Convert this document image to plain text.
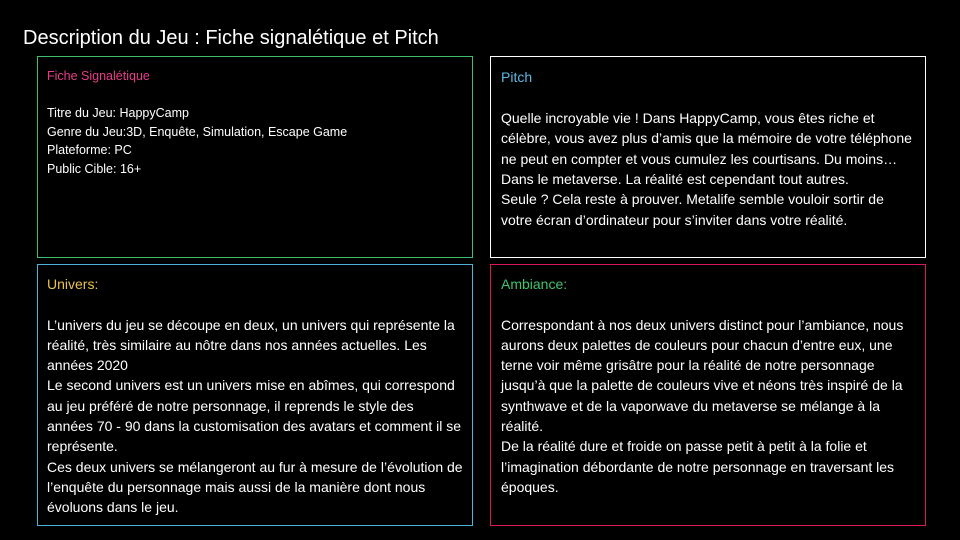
Description du Jeu : Fiche signalétique et Pitch
Fiche Signalétique

Titre du Jeu: HappyCamp

Genre du Jeu:3D, Enquête, Simulation, Escape Game

Plateforme: PC

Public Cible: 16+

Pitch

Quelle incroyable vie ! Dans HappyCamp, vous êtes riche et célèbre, vous avez plus d’amis que la mémoire de votre téléphone ne peut en compter et vous cumulez les courtisans. Du moins… Dans le metaverse. La réalité est cependant tout autres.

Seule ? Cela reste à prouver. Metalife semble vouloir sortir de votre écran d’ordinateur pour s’inviter dans votre réalité.

Univers:

L’univers du jeu se découpe en deux, un univers qui représente la réalité, très similaire au nôtre dans nos années actuelles. Les années 2020

Le second univers est un univers mise en abîmes, qui correspond au jeu préféré de notre personnage, il reprends le style des années 70 - 90 dans la customisation des avatars et comment il se représente.

Ces deux univers se mélangeront au fur à mesure de l’évolution de l’enquête du personnage mais aussi de la manière dont nous évoluons dans le jeu.

Ambiance:

Correspondant à nos deux univers distinct pour l’ambiance, nous aurons deux palettes de couleurs pour chacun d’entre eux, une terne voir même grisâtre pour la réalité de notre personnage jusqu’à que la palette de couleurs vive et néons très inspiré de la synthwave et de la vaporwave du metaverse se mélange à la réalité.

De la réalité dure et froide on passe petit à petit à la folie et l’imagination débordante de notre personnage en traversant les époques.
